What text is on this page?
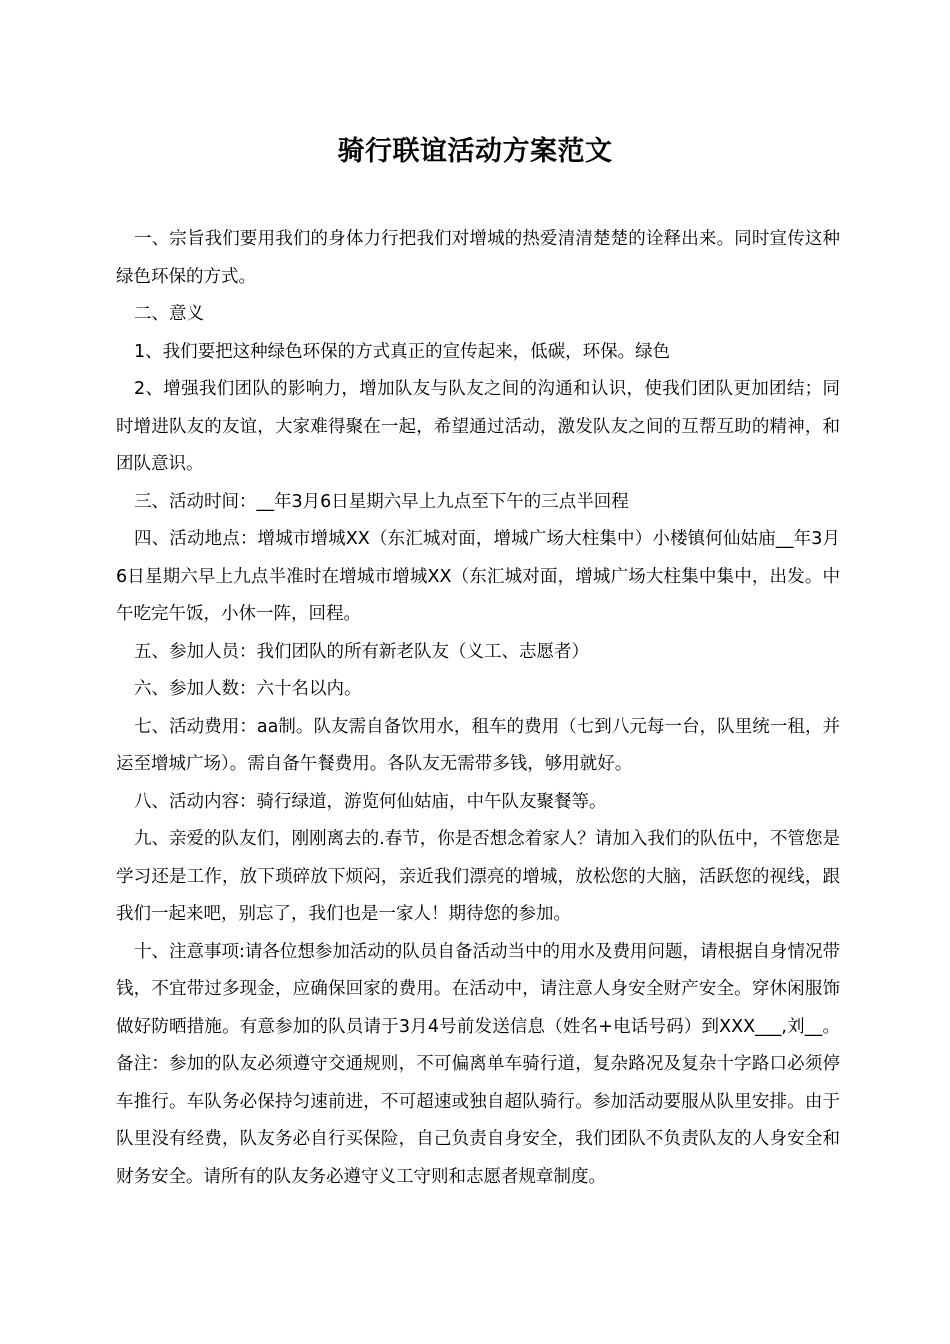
骑行联谊活动方案范文

一、宗旨我们要用我们的身体力行把我们对增城的热爱清清楚楚的诠释出来。同时宣传这种绿色环保的方式。

二、意义

1、我们要把这种绿色环保的方式真正的宣传起来，低碳，环保。绿色

2、增强我们团队的影响力，增加队友与队友之间的沟通和认识，使我们团队更加团结；同时增进队友的友谊，大家难得聚在一起，希望通过活动，激发队友之间的互帮互助的精神，和团队意识。

三、活动时间：__年3月6日星期六早上九点至下午的三点半回程

四、活动地点：增城市增城XX（东汇城对面，增城广场大柱集中）小楼镇何仙姑庙__年3月6日星期六早上九点半准时在增城市增城XX（东汇城对面，增城广场大柱集中集中，出发。中午吃完午饭，小休一阵，回程。

五、参加人员：我们团队的所有新老队友（义工、志愿者）

六、参加人数：六十名以内。

七、活动费用：aa制。队友需自备饮用水，租车的费用（七到八元每一台，队里统一租，并运至增城广场）。需自备午餐费用。各队友无需带多钱，够用就好。

八、活动内容：骑行绿道，游览何仙姑庙，中午队友聚餐等。

九、亲爱的队友们，刚刚离去的.春节，你是否想念着家人？请加入我们的队伍中，不管您是学习还是工作，放下琐碎放下烦闷，亲近我们漂亮的增城，放松您的大脑，活跃您的视线，跟我们一起来吧，别忘了，我们也是一家人！期待您的参加。

十、注意事项:请各位想参加活动的队员自备活动当中的用水及费用问题，请根据自身情况带钱，不宜带过多现金，应确保回家的费用。在活动中，请注意人身安全财产安全。穿休闲服饰做好防晒措施。有意参加的队员请于3月4号前发送信息（姓名+电话号码）到XXX___,刘__。备注：参加的队友必须遵守交通规则，不可偏离单车骑行道，复杂路况及复杂十字路口必须停车推行。车队务必保持匀速前进，不可超速或独自超队骑行。参加活动要服从队里安排。由于队里没有经费，队友务必自行买保险，自己负责自身安全，我们团队不负责队友的人身安全和财务安全。请所有的队友务必遵守义工守则和志愿者规章制度。
